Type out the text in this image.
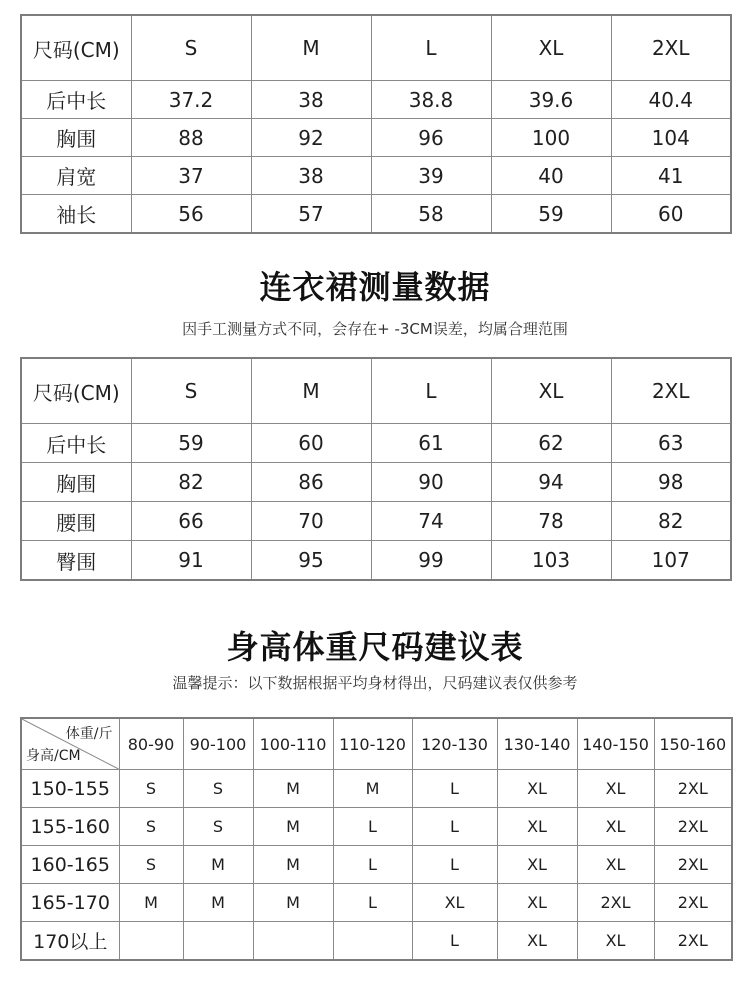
尺码(CM)	S	M	L	XL	2XL
后中长	37.2	38	38.8	39.6	40.4
胸围	88	92	96	100	104
肩宽	37	38	39	40	41
袖长	56	57	58	59	60
连衣裙测量数据
因手工测量方式不同，会存在+ -3CM误差，均属合理范围
尺码(CM)	S	M	L	XL	2XL
后中长	59	60	61	62	63
胸围	82	86	90	94	98
腰围	66	70	74	78	82
臀围	91	95	99	103	107
身高体重尺码建议表
温馨提示：以下数据根据平均身材得出，尺码建议表仅供参考
体重/斤
身高/CM	80-90	90-100	100-110	110-120	120-130	130-140	140-150	150-160
150-155	S	S	M	M	L	XL	XL	2XL
155-160	S	S	M	L	L	XL	XL	2XL
160-165	S	M	M	L	L	XL	XL	2XL
165-170	M	M	M	L	XL	XL	2XL	2XL
170以上					L	XL	XL	2XL
